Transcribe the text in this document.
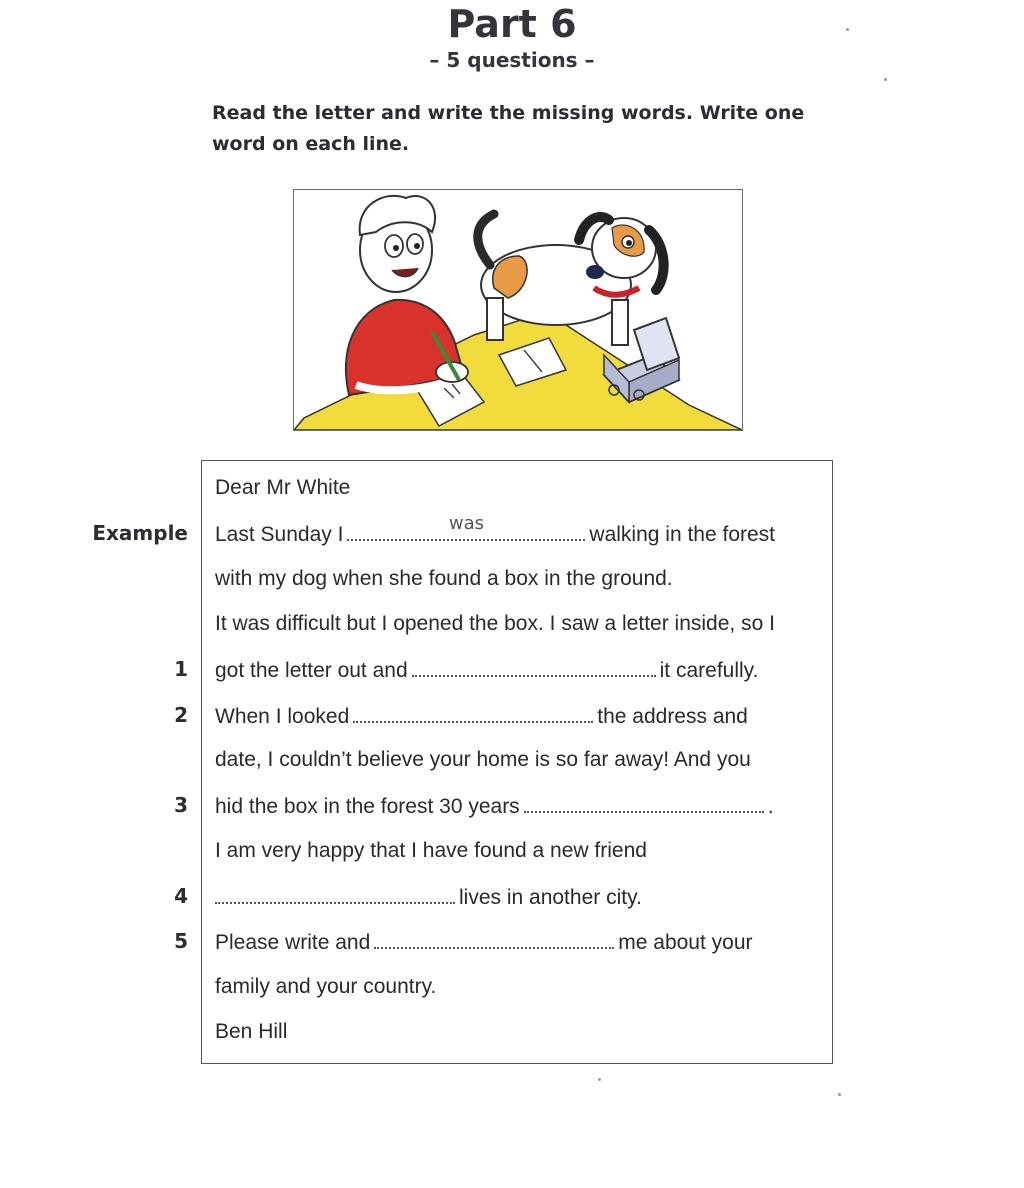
Part 6
– 5 questions –
Read the letter and write the missing words. Write one word on each line.
Dear Mr White
Example Last Sunday I	was	walking in the forest
with my dog when she found a box in the ground.
It was difficult but I opened the box. I saw a letter inside, so I
1 got the letter out and	it carefully.
2 When I looked	the address and
date, I couldn’t believe your home is so far away! And you
3 hid the box in the forest 30 years	.
I am very happy that I have found a new friend
4	lives in another city.
5 Please write and	me about your
family and your country.
Ben Hill
